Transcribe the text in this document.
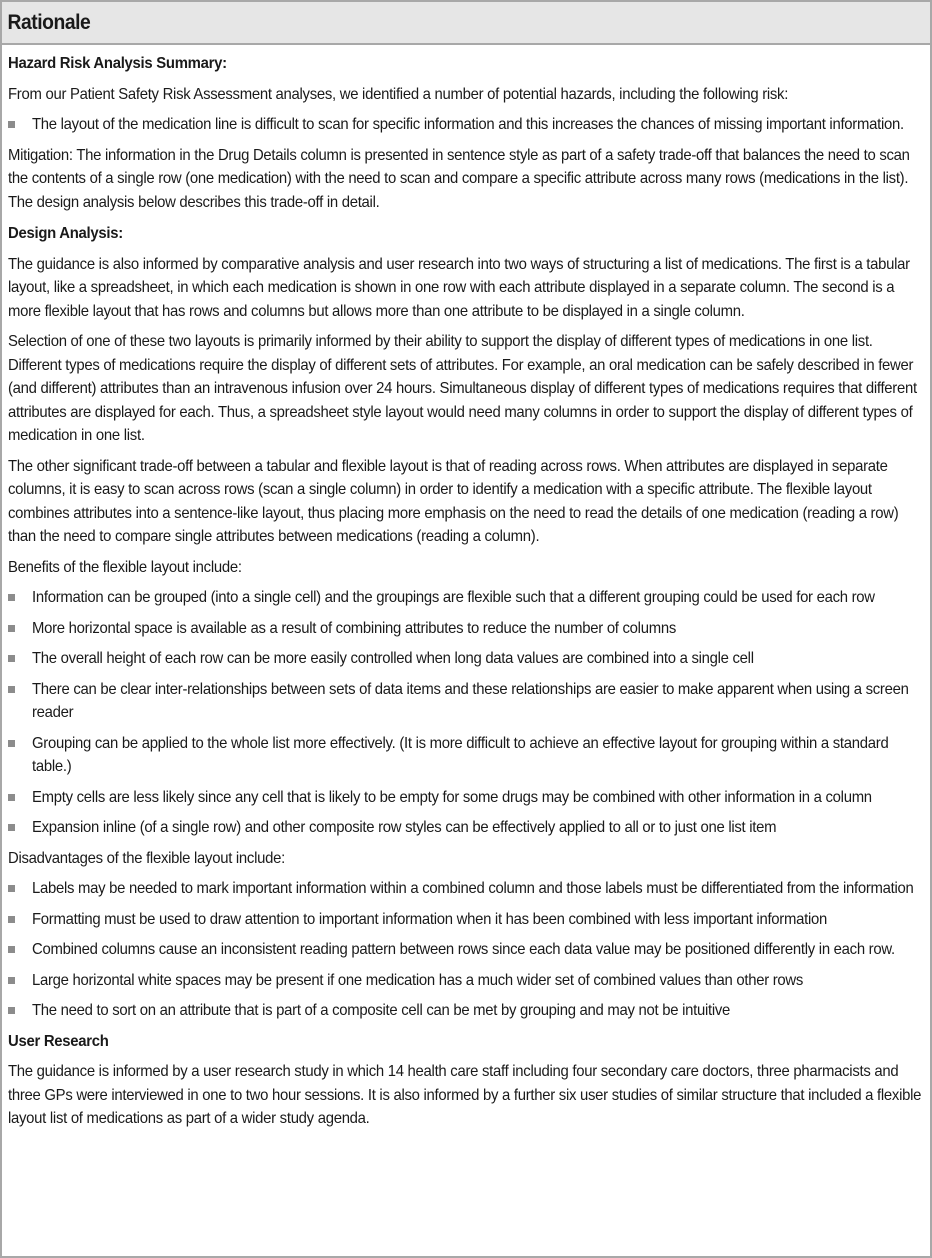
Rationale

Hazard Risk Analysis Summary:

From our Patient Safety Risk Assessment analyses, we identified a number of potential hazards, including the following risk:

The layout of the medication line is difficult to scan for specific information and this increases the chances of missing important information.

Mitigation: The information in the Drug Details column is presented in sentence style as part of a safety trade-off that balances the need to scan the contents of a single row (one medication) with the need to scan and compare a specific attribute across many rows (medications in the list). The design analysis below describes this trade-off in detail.

Design Analysis:

The guidance is also informed by comparative analysis and user research into two ways of structuring a list of medications. The first is a tabular layout, like a spreadsheet, in which each medication is shown in one row with each attribute displayed in a separate column. The second is a more flexible layout that has rows and columns but allows more than one attribute to be displayed in a single column.

Selection of one of these two layouts is primarily informed by their ability to support the display of different types of medications in one list. Different types of medications require the display of different sets of attributes. For example, an oral medication can be safely described in fewer (and different) attributes than an intravenous infusion over 24 hours. Simultaneous display of different types of medications requires that different attributes are displayed for each. Thus, a spreadsheet style layout would need many columns in order to support the display of different types of medication in one list.

The other significant trade-off between a tabular and flexible layout is that of reading across rows. When attributes are displayed in separate columns, it is easy to scan across rows (scan a single column) in order to identify a medication with a specific attribute. The flexible layout combines attributes into a sentence-like layout, thus placing more emphasis on the need to read the details of one medication (reading a row) than the need to compare single attributes between medications (reading a column).

Benefits of the flexible layout include:

Information can be grouped (into a single cell) and the groupings are flexible such that a different grouping could be used for each row
More horizontal space is available as a result of combining attributes to reduce the number of columns
The overall height of each row can be more easily controlled when long data values are combined into a single cell
There can be clear inter-relationships between sets of data items and these relationships are easier to make apparent when using a screen reader
Grouping can be applied to the whole list more effectively. (It is more difficult to achieve an effective layout for grouping within a standard table.)
Empty cells are less likely since any cell that is likely to be empty for some drugs may be combined with other information in a column
Expansion inline (of a single row) and other composite row styles can be effectively applied to all or to just one list item

Disadvantages of the flexible layout include:

Labels may be needed to mark important information within a combined column and those labels must be differentiated from the information
Formatting must be used to draw attention to important information when it has been combined with less important information
Combined columns cause an inconsistent reading pattern between rows since each data value may be positioned differently in each row.
Large horizontal white spaces may be present if one medication has a much wider set of combined values than other rows
The need to sort on an attribute that is part of a composite cell can be met by grouping and may not be intuitive

User Research

The guidance is informed by a user research study in which 14 health care staff including four secondary care doctors, three pharmacists and three GPs were interviewed in one to two hour sessions. It is also informed by a further six user studies of similar structure that included a flexible layout list of medications as part of a wider study agenda.
